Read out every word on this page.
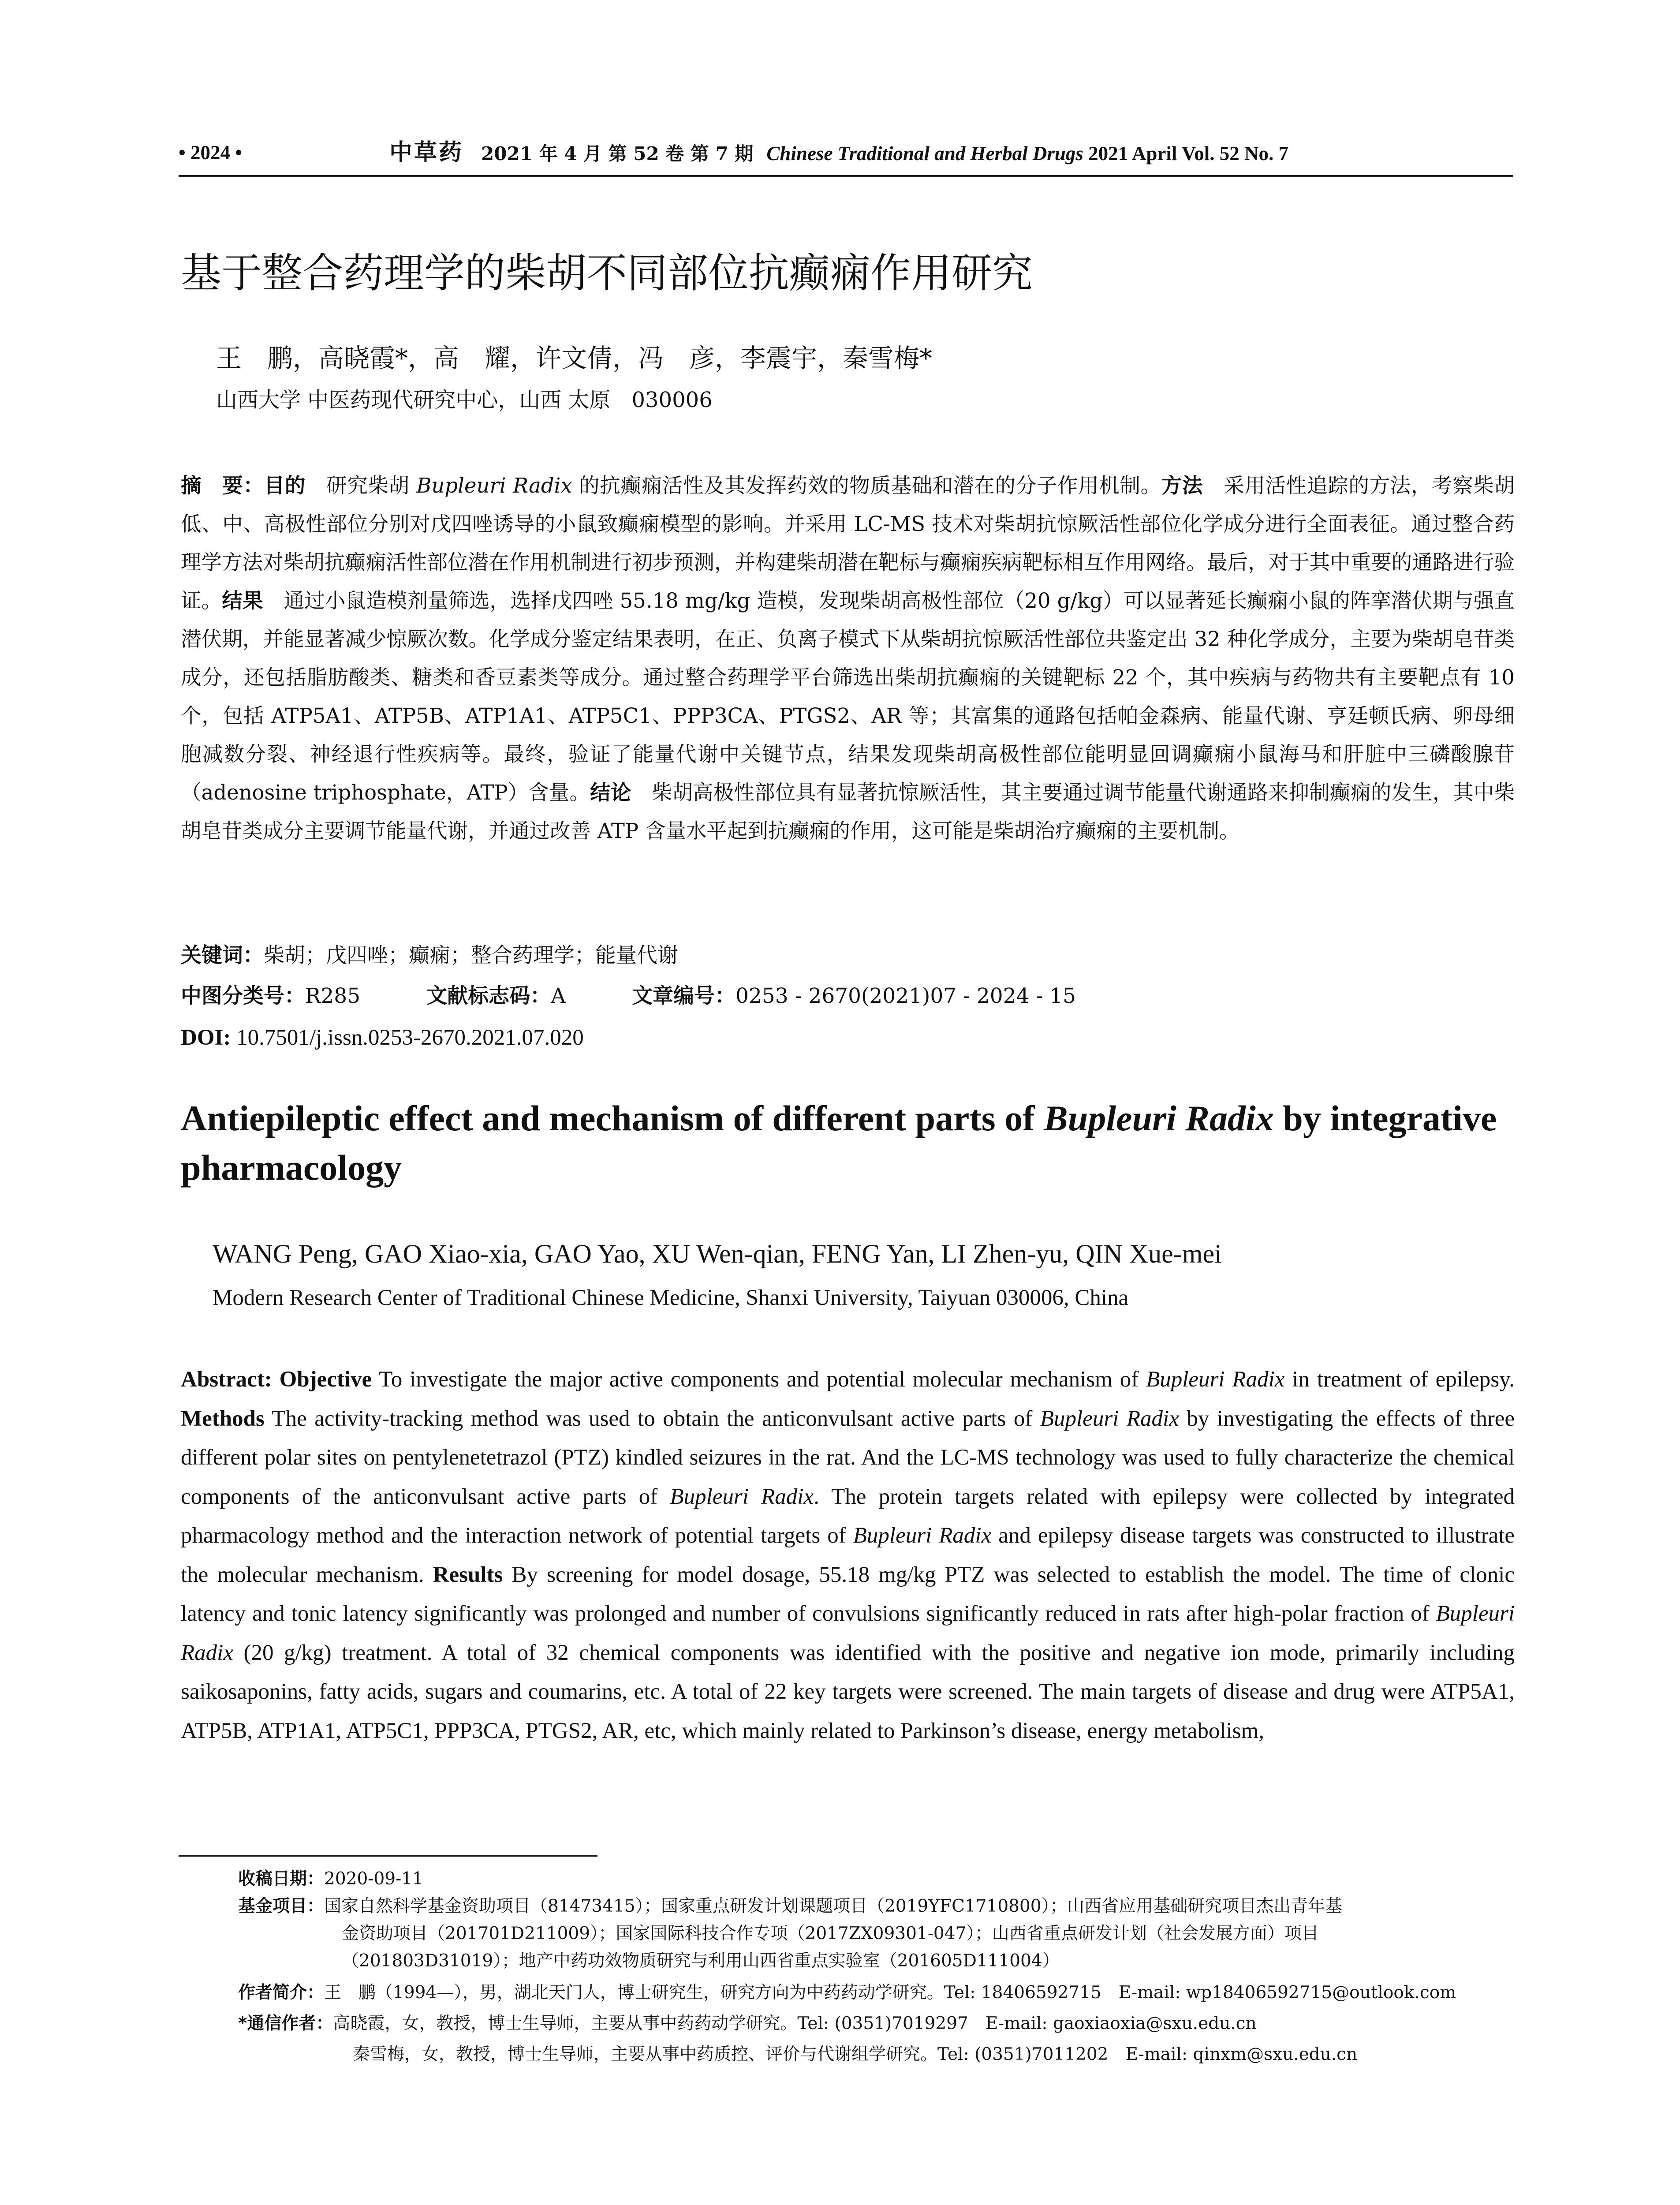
• 2024 •	中草药 2021 年 4 月 第 52 卷 第 7 期 Chinese Traditional and Herbal Drugs 2021 April Vol. 52 No. 7
基于整合药理学的柴胡不同部位抗癫痫作用研究
王　鹏，高晓霞*，高　耀，许文倩，冯　彦，李震宇，秦雪梅*
山西大学 中医药现代研究中心，山西 太原　030006
摘　要：目的　研究柴胡 Bupleuri Radix 的抗癫痫活性及其发挥药效的物质基础和潜在的分子作用机制。方法　采用活性追踪的方法，考察柴胡低、中、高极性部位分别对戊四唑诱导的小鼠致癫痫模型的影响。并采用 LC-MS 技术对柴胡抗惊厥活性部位化学成分进行全面表征。通过整合药理学方法对柴胡抗癫痫活性部位潜在作用机制进行初步预测，并构建柴胡潜在靶标与癫痫疾病靶标相互作用网络。最后，对于其中重要的通路进行验证。结果　通过小鼠造模剂量筛选，选择戊四唑 55.18 mg/kg 造模，发现柴胡高极性部位（20 g/kg）可以显著延长癫痫小鼠的阵挛潜伏期与强直潜伏期，并能显著减少惊厥次数。化学成分鉴定结果表明，在正、负离子模式下从柴胡抗惊厥活性部位共鉴定出 32 种化学成分，主要为柴胡皂苷类成分，还包括脂肪酸类、糖类和香豆素类等成分。通过整合药理学平台筛选出柴胡抗癫痫的关键靶标 22 个，其中疾病与药物共有主要靶点有 10 个，包括 ATP5A1、ATP5B、ATP1A1、ATP5C1、PPP3CA、PTGS2、AR 等；其富集的通路包括帕金森病、能量代谢、亨廷顿氏病、卵母细胞减数分裂、神经退行性疾病等。最终，验证了能量代谢中关键节点，结果发现柴胡高极性部位能明显回调癫痫小鼠海马和肝脏中三磷酸腺苷（adenosine triphosphate，ATP）含量。结论　柴胡高极性部位具有显著抗惊厥活性，其主要通过调节能量代谢通路来抑制癫痫的发生，其中柴胡皂苷类成分主要调节能量代谢，并通过改善 ATP 含量水平起到抗癫痫的作用，这可能是柴胡治疗癫痫的主要机制。
关键词：柴胡；戊四唑；癫痫；整合药理学；能量代谢
中图分类号：R285	文献标志码：A	文章编号：0253 - 2670(2021)07 - 2024 - 15
DOI: 10.7501/j.issn.0253-2670.2021.07.020
Antiepileptic effect and mechanism of different parts of Bupleuri Radix by integrative pharmacology
WANG Peng, GAO Xiao-xia, GAO Yao, XU Wen-qian, FENG Yan, LI Zhen-yu, QIN Xue-mei
Modern Research Center of Traditional Chinese Medicine, Shanxi University, Taiyuan 030006, China
Abstract: Objective To investigate the major active components and potential molecular mechanism of Bupleuri Radix in treatment of epilepsy. Methods The activity-tracking method was used to obtain the anticonvulsant active parts of Bupleuri Radix by investigating the effects of three different polar sites on pentylenetetrazol (PTZ) kindled seizures in the rat. And the LC-MS technology was used to fully characterize the chemical components of the anticonvulsant active parts of Bupleuri Radix. The protein targets related with epilepsy were collected by integrated pharmacology method and the interaction network of potential targets of Bupleuri Radix and epilepsy disease targets was constructed to illustrate the molecular mechanism. Results By screening for model dosage, 55.18 mg/kg PTZ was selected to establish the model. The time of clonic latency and tonic latency significantly was prolonged and number of convulsions significantly reduced in rats after high-polar fraction of Bupleuri Radix (20 g/kg) treatment. A total of 32 chemical components was identified with the positive and negative ion mode, primarily including saikosaponins, fatty acids, sugars and coumarins, etc. A total of 22 key targets were screened. The main targets of disease and drug were ATP5A1, ATP5B, ATP1A1, ATP5C1, PPP3CA, PTGS2, AR, etc, which mainly related to Parkinson’s disease, energy metabolism,
收稿日期：2020-09-11
基金项目：国家自然科学基金资助项目（81473415）；国家重点研发计划课题项目（2019YFC1710800）；山西省应用基础研究项目杰出青年基
金资助项目（201701D211009）；国家国际科技合作专项（2017ZX09301-047）；山西省重点研发计划（社会发展方面）项目
（201803D31019）；地产中药功效物质研究与利用山西省重点实验室（201605D111004）
作者简介：王　鹏（1994—），男，湖北天门人，博士研究生，研究方向为中药药动学研究。Tel: 18406592715　E-mail: wp18406592715@outlook.com
*通信作者：高晓霞，女，教授，博士生导师，主要从事中药药动学研究。Tel: (0351)7019297　E-mail: gaoxiaoxia@sxu.edu.cn
秦雪梅，女，教授，博士生导师，主要从事中药质控、评价与代谢组学研究。Tel: (0351)7011202　E-mail: qinxm@sxu.edu.cn
